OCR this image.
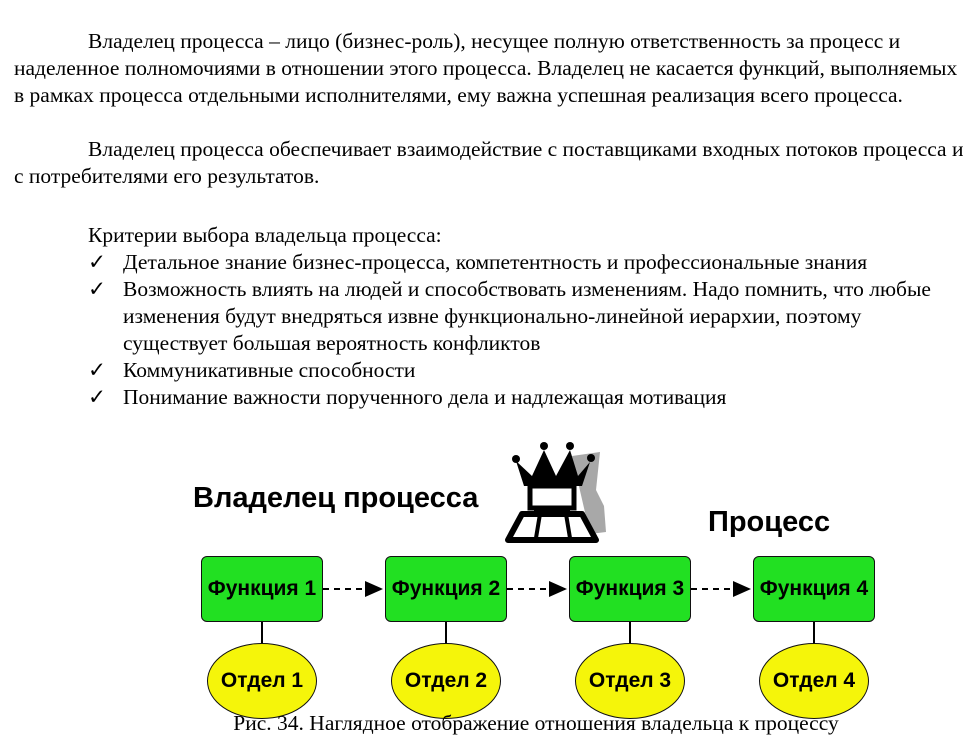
Владелец процесса – лицо (бизнес-роль), несущее полную ответственность за процесс и наделенное полномочиями в отношении этого процесса. Владелец не касается функций, выполняемых в рамках процесса отдельными исполнителями, ему важна успешная реализация всего процесса.

Владелец процесса обеспечивает взаимодействие с поставщиками входных потоков процесса и с потребителями его результатов.

Критерии выбора владельца процесса:

✓ Детальное знание бизнес-процесса, компетентность и профессиональные знания
✓ Возможность влиять на людей и способствовать изменениям. Надо помнить, что любые изменения будут внедряться извне функционально-линейной иерархии, поэтому существует большая вероятность конфликтов
✓ Коммуникативные способности
✓ Понимание важности порученного дела и надлежащая мотивация
Владелец процесса
Процесс
Функция 1	Функция 2	Функция 3	Функция 4
Отдел 1	Отдел 2	Отдел 3	Отдел 4

Рис. 34. Наглядное отображение отношения владельца к процессу
